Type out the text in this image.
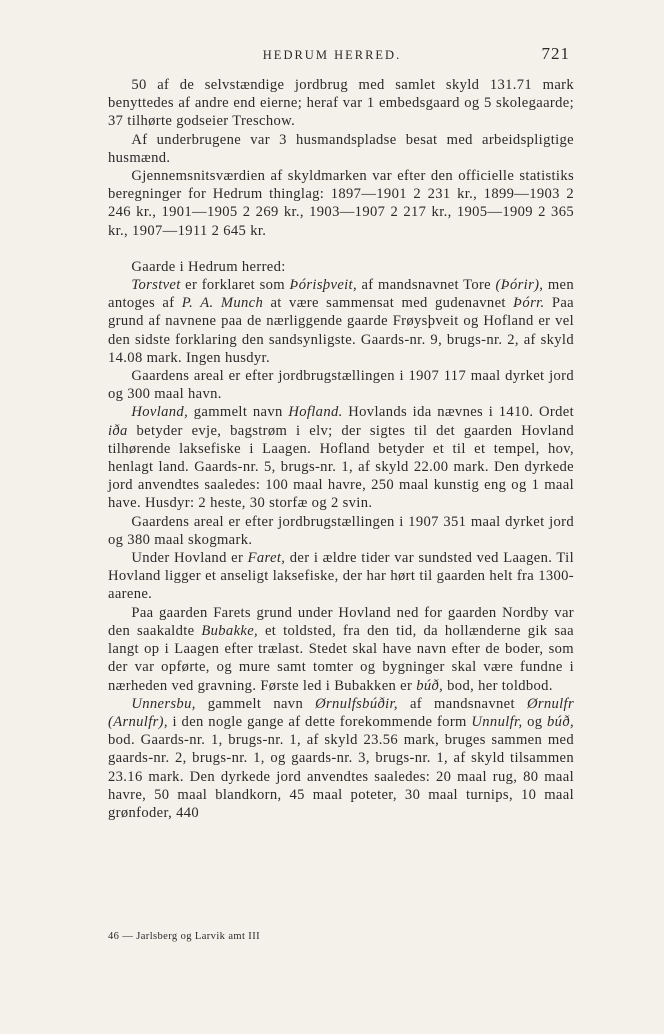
HEDRUM HERRED.	721

50 af de selvstændige jordbrug med samlet skyld 131.71 mark benyttedes af andre end eierne; heraf var 1 embedsgaard og 5 skolegaarde; 37 tilhørte godseier Treschow.

Af underbrugene var 3 husmandspladse besat med arbeidspligtige husmænd.

Gjennemsnitsværdien af skyldmarken var efter den officielle statistiks beregninger for Hedrum thinglag: 1897—1901 2 231 kr., 1899—1903 2 246 kr., 1901—1905 2 269 kr., 1903—1907 2 217 kr., 1905—1909 2 365 kr., 1907—1911 2 645 kr.

Gaarde i Hedrum herred:

Torstvet er forklaret som Þórisþveit, af mandsnavnet Tore (Þórir), men antoges af P. A. Munch at være sammensat med gudenavnet Þórr. Paa grund af navnene paa de nærliggende gaarde Frøysþveit og Hofland er vel den sidste forklaring den sandsynligste. Gaards-nr. 9, brugs-nr. 2, af skyld 14.08 mark. Ingen husdyr.

Gaardens areal er efter jordbrugstællingen i 1907 117 maal dyrket jord og 300 maal havn.

Hovland, gammelt navn Hofland. Hovlands ida nævnes i 1410. Ordet iða betyder evje, bagstrøm i elv; der sigtes til det gaarden Hovland tilhørende laksefiske i Laagen. Hofland betyder et til et tempel, hov, henlagt land. Gaards-nr. 5, brugs-nr. 1, af skyld 22.00 mark. Den dyrkede jord anvendtes saaledes: 100 maal havre, 250 maal kunstig eng og 1 maal have. Husdyr: 2 heste, 30 storfæ og 2 svin.

Gaardens areal er efter jordbrugstællingen i 1907 351 maal dyrket jord og 380 maal skogmark.

Under Hovland er Faret, der i ældre tider var sundsted ved Laagen. Til Hovland ligger et anseligt laksefiske, der har hørt til gaarden helt fra 1300-aarene.

Paa gaarden Farets grund under Hovland ned for gaarden Nordby var den saakaldte Bubakke, et toldsted, fra den tid, da hollænderne gik saa langt op i Laagen efter trælast. Stedet skal have navn efter de boder, som der var opførte, og mure samt tomter og bygninger skal være fundne i nærheden ved gravning. Første led i Bubakken er búð, bod, her toldbod.

Unnersbu, gammelt navn Ørnulfsbúðir, af mandsnavnet Ørnulfr (Arnulfr), i den nogle gange af dette forekommende form Unnulfr, og búð, bod. Gaards-nr. 1, brugs-nr. 1, af skyld 23.56 mark, bruges sammen med gaards-nr. 2, brugs-nr. 1, og gaards-nr. 3, brugs-nr. 1, af skyld tilsammen 23.16 mark. Den dyrkede jord anvendtes saaledes: 20 maal rug, 80 maal havre, 50 maal blandkorn, 45 maal poteter, 30 maal turnips, 10 maal grønfoder, 440

46 — Jarlsberg og Larvik amt III
